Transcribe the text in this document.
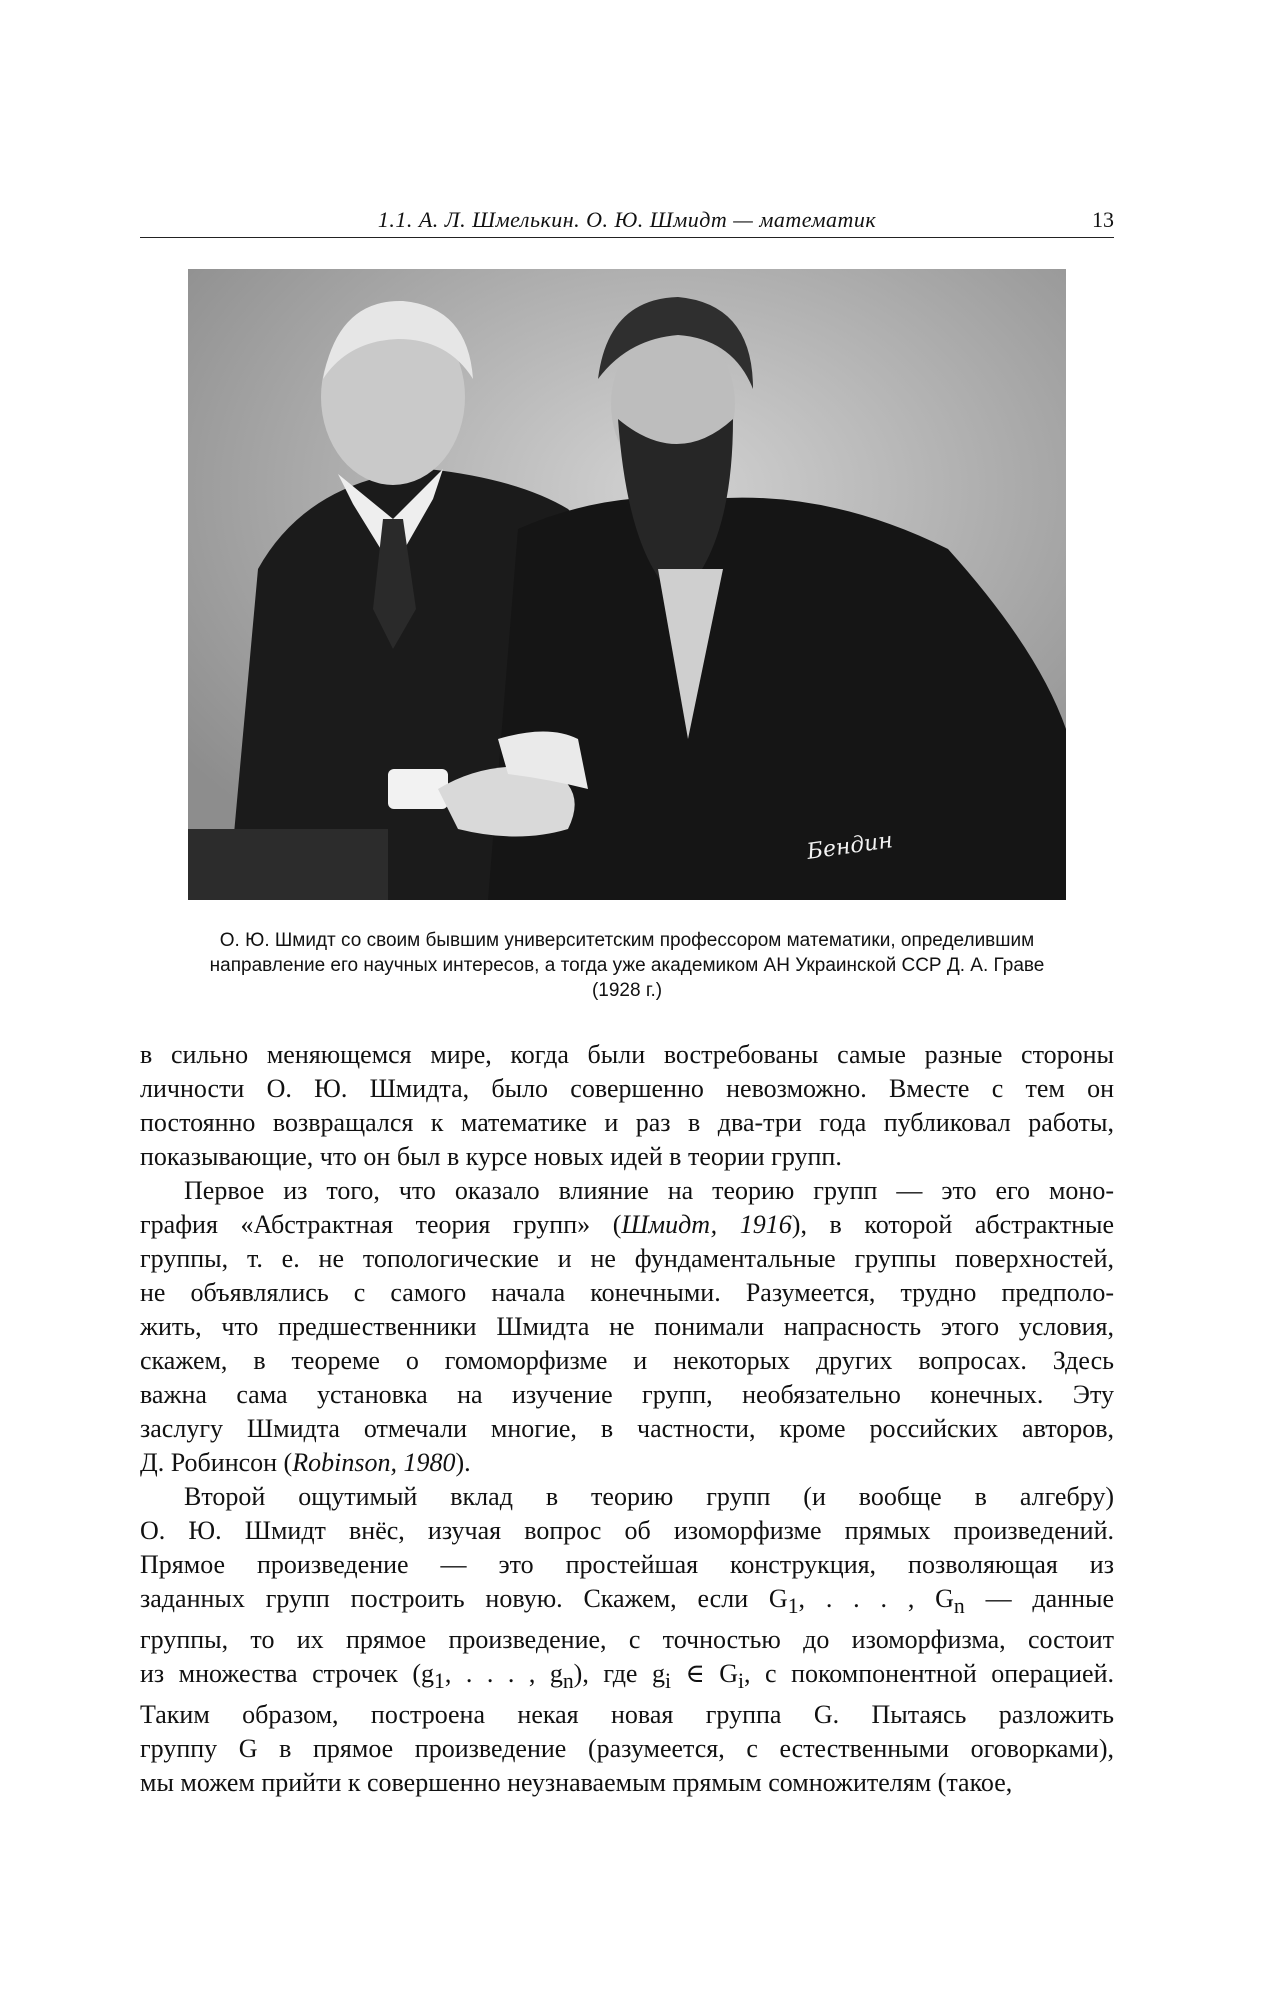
1.1. А. Л. Шмелькин. О. Ю. Шмидт — математик	13
Бендин
О. Ю. Шмидт со своим бывшим университетским профессором математики, определившим
направление его научных интересов, а тогда уже академиком АН Украинской ССР Д. А. Граве
(1928 г.)
в сильно меняющемся мире, когда были востребованы самые разные стороны
личности О. Ю. Шмидта, было совершенно невозможно. Вместе с тем он
постоянно возвращался к математике и раз в два-три года публиковал работы,
показывающие, что он был в курсе новых идей в теории групп.
Первое из того, что оказало влияние на теорию групп — это его моно-
графия «Абстрактная теория групп» (Шмидт, 1916), в которой абстрактные
группы, т. е. не топологические и не фундаментальные группы поверхностей,
не объявлялись с самого начала конечными. Разумеется, трудно предполо-
жить, что предшественники Шмидта не понимали напрасность этого условия,
скажем, в теореме о гомоморфизме и некоторых других вопросах. Здесь
важна сама установка на изучение групп, необязательно конечных. Эту
заслугу Шмидта отмечали многие, в частности, кроме российских авторов,
Д. Робинсон (Robinson, 1980).
Второй ощутимый вклад в теорию групп (и вообще в алгебру)
О. Ю. Шмидт внёс, изучая вопрос об изоморфизме прямых произведений.
Прямое произведение — это простейшая конструкция, позволяющая из
заданных групп построить новую. Скажем, если $G_1$, . . . , $G_n$ — данные
группы, то их прямое произведение, с точностью до изоморфизма, состоит
из множества строчек ($g_1$, . . . , $g_n$), где $g_i$ ∈ $G_i$, с покомпонентной операцией.
Таким образом, построена некая новая группа G. Пытаясь разложить
группу G в прямое произведение (разумеется, с естественными оговорками),
мы можем прийти к совершенно неузнаваемым прямым сомножителям (такое,
